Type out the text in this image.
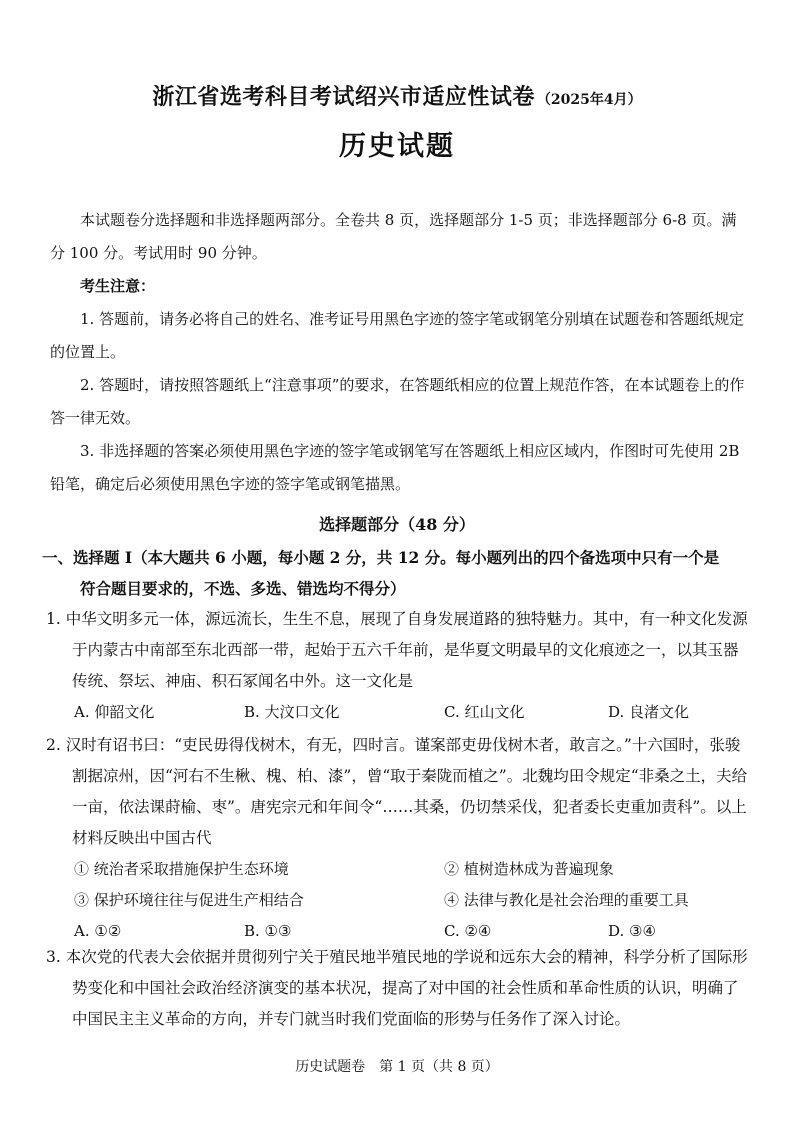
浙江省选考科目考试绍兴市适应性试卷 （2025年4月）
历史试题

本试题卷分选择题和非选择题两部分。全卷共 8 页，选择题部分 1-5 页；非选择题部分 6-8 页。满分 100 分。考试用时 90 分钟。

考生注意：

1. 答题前，请务必将自己的姓名、准考证号用黑色字迹的签字笔或钢笔分别填在试题卷和答题纸规定的位置上。

2. 答题时，请按照答题纸上“注意事项”的要求，在答题纸相应的位置上规范作答，在本试题卷上的作答一律无效。

3. 非选择题的答案必须使用黑色字迹的签字笔或钢笔写在答题纸上相应区域内，作图时可先使用 2B 铅笔，确定后必须使用黑色字迹的签字笔或钢笔描黑。

选择题部分（48 分）
一、选择题 Ⅰ（本大题共 6 小题，每小题 2 分，共 12 分。每小题列出的四个备选项中只有一个是
符合题目要求的，不选、多选、错选均不得分）
1. 中华文明多元一体，源远流长，生生不息，展现了自身发展道路的独特魅力。其中，有一种文化发源于内蒙古中南部至东北西部一带，起始于五六千年前，是华夏文明最早的文化痕迹之一，以其玉器传统、祭坛、神庙、积石冢闻名中外。这一文化是
A. 仰韶文化	B. 大汶口文化	C. 红山文化	D. 良渚文化
2. 汉时有诏书曰：“吏民毋得伐树木，有无，四时言。谨案部吏毋伐树木者，敢言之。”十六国时，张骏割据凉州，因“河右不生楸、槐、柏、漆”，曾“取于秦陇而植之”。北魏均田令规定“非桑之土，夫给一亩，依法课莳榆、枣”。唐宪宗元和年间令“……其桑，仍切禁采伐，犯者委长吏重加责科”。以上材料反映出中国古代
① 统治者采取措施保护生态环境	② 植树造林成为普遍现象
③ 保护环境往往与促进生产相结合	④ 法律与教化是社会治理的重要工具
A. ①②	B. ①③	C. ②④	D. ③④
3. 本次党的代表大会依据并贯彻列宁关于殖民地半殖民地的学说和远东大会的精神，科学分析了国际形势变化和中国社会政治经济演变的基本状况，提高了对中国的社会性质和革命性质的认识，明确了中国民主主义革命的方向，并专门就当时我们党面临的形势与任务作了深入讨论。
历史试题卷　第 1 页（共 8 页）
